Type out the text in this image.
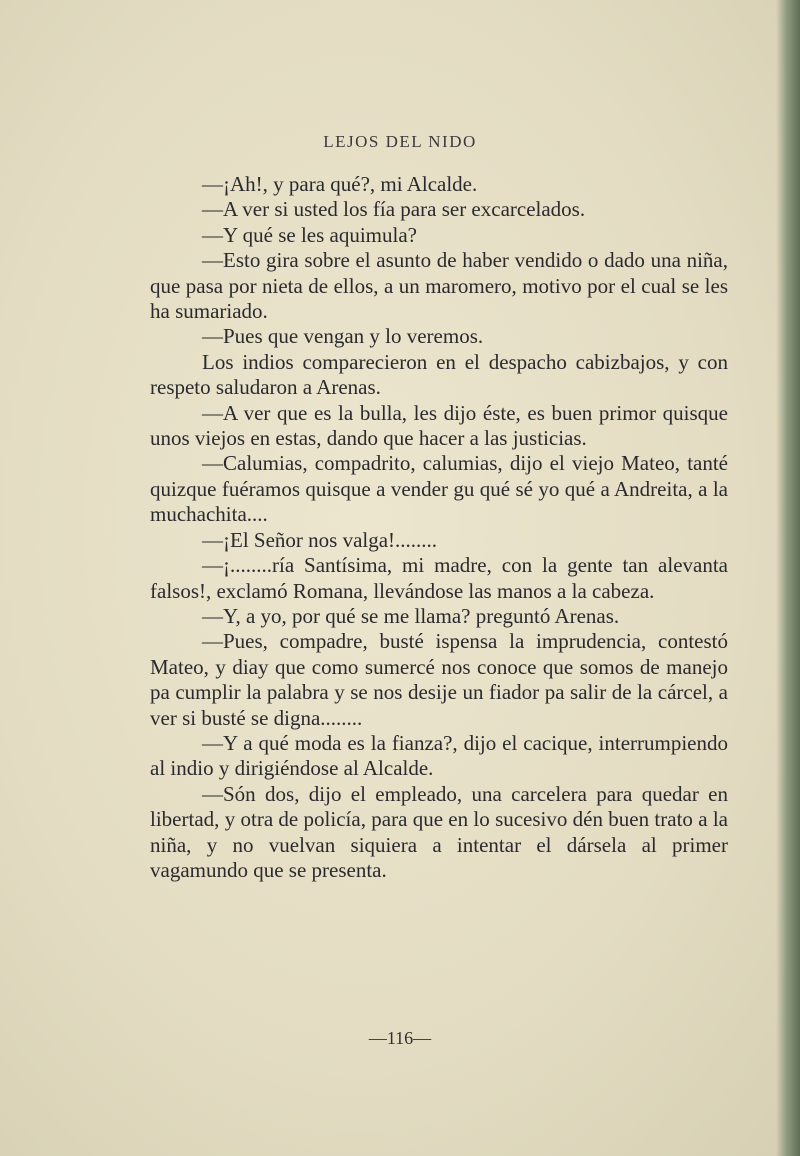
LEJOS DEL NIDO

—¡Ah!, y para qué?, mi Alcalde.

—A ver si usted los fía para ser excarcelados.

—Y qué se les aquimula?

—Esto gira sobre el asunto de haber vendido o dado una niña, que pasa por nieta de ellos, a un maromero, motivo por el cual se les ha sumariado.

—Pues que vengan y lo veremos.

Los indios comparecieron en el despacho cabizbajos, y con respeto saludaron a Arenas.

—A ver que es la bulla, les dijo éste, es buen primor quisque unos viejos en estas, dando que hacer a las justicias.

—Calumias, compadrito, calumias, dijo el viejo Mateo, tanté quizque fuéramos quisque a vender gu qué sé yo qué a Andreita, a la muchachita....

—¡El Señor nos valga!........

—¡........ría Santísima, mi madre, con la gente tan alevanta falsos!, exclamó Romana, llevándose las manos a la cabeza.

—Y, a yo, por qué se me llama? preguntó Arenas.

—Pues, compadre, busté ispensa la imprudencia, contestó Mateo, y diay que como sumercé nos conoce que somos de manejo pa cumplir la palabra y se nos desije un fiador pa salir de la cárcel, a ver si busté se digna........

—Y a qué moda es la fianza?, dijo el cacique, interrumpiendo al indio y dirigiéndose al Alcalde.

—Són dos, dijo el empleado, una carcelera para quedar en libertad, y otra de policía, para que en lo sucesivo dén buen trato a la niña, y no vuelvan siquiera a intentar el dársela al primer vagamundo que se presenta.

—116—
